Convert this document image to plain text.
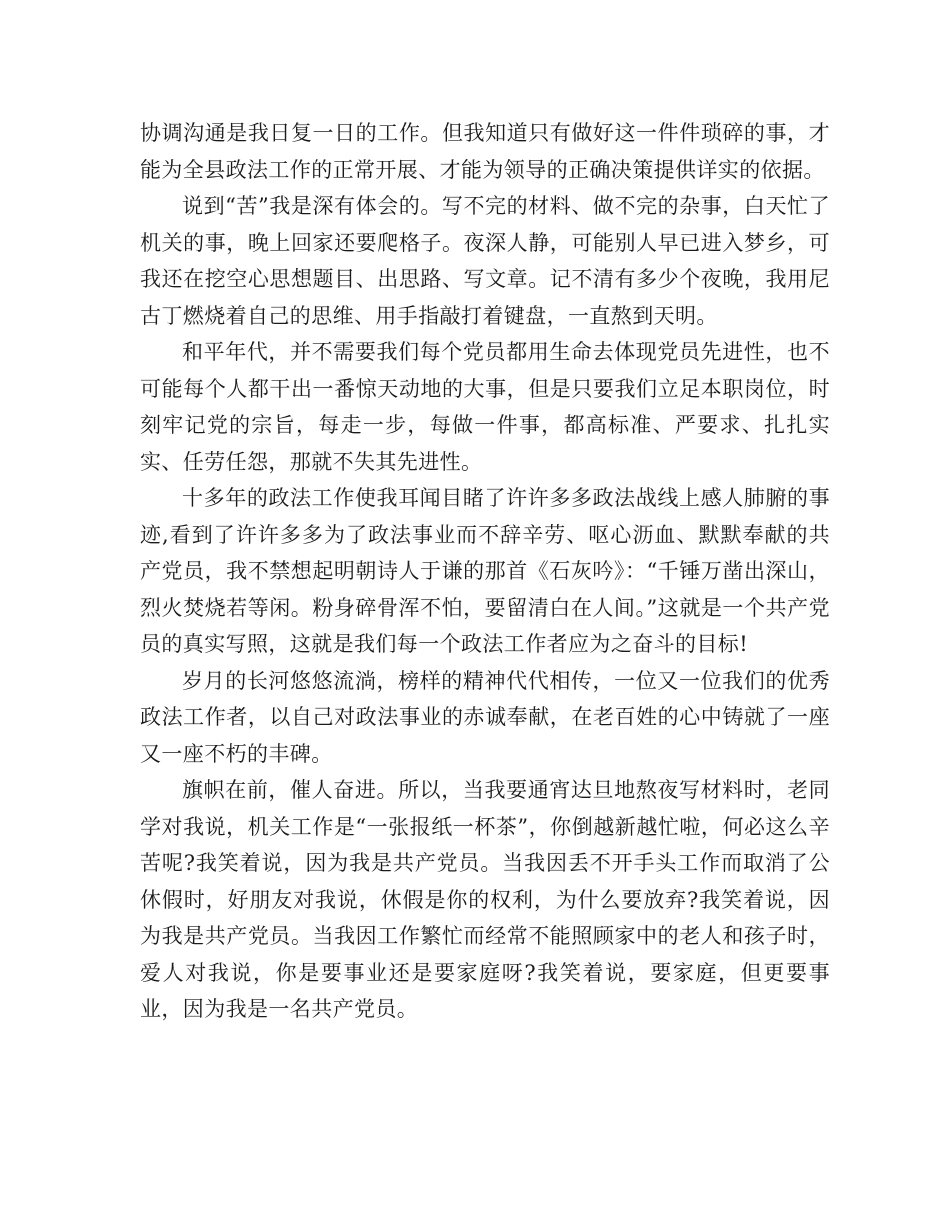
协调沟通是我日复一日的工作。但我知道只有做好这一件件琐碎的事，才能为全县政法工作的正常开展、才能为领导的正确决策提供详实的依据。

说到“苦”我是深有体会的。写不完的材料、做不完的杂事，白天忙了机关的事，晚上回家还要爬格子。夜深人静，可能别人早已进入梦乡，可我还在挖空心思想题目、出思路、写文章。记不清有多少个夜晚，我用尼古丁燃烧着自己的思维、用手指敲打着键盘，一直熬到天明。

和平年代，并不需要我们每个党员都用生命去体现党员先进性，也不可能每个人都干出一番惊天动地的大事，但是只要我们立足本职岗位，时刻牢记党的宗旨，每走一步，每做一件事，都高标准、严要求、扎扎实实、任劳任怨，那就不失其先进性。

十多年的政法工作使我耳闻目睹了许许多多政法战线上感人肺腑的事迹,看到了许许多多为了政法事业而不辞辛劳、呕心沥血、默默奉献的共产党员，我不禁想起明朝诗人于谦的那首《石灰吟》：“千锤万凿出深山，烈火焚烧若等闲。粉身碎骨浑不怕，要留清白在人间。”这就是一个共产党员的真实写照，这就是我们每一个政法工作者应为之奋斗的目标!

岁月的长河悠悠流淌，榜样的精神代代相传，一位又一位我们的优秀政法工作者，以自己对政法事业的赤诚奉献，在老百姓的心中铸就了一座又一座不朽的丰碑。

旗帜在前，催人奋进。所以，当我要通宵达旦地熬夜写材料时，老同学对我说，机关工作是“一张报纸一杯茶”，你倒越新越忙啦，何必这么辛苦呢?我笑着说，因为我是共产党员。当我因丢不开手头工作而取消了公休假时，好朋友对我说，休假是你的权利，为什么要放弃?我笑着说，因为我是共产党员。当我因工作繁忙而经常不能照顾家中的老人和孩子时，爱人对我说，你是要事业还是要家庭呀?我笑着说，要家庭，但更要事业，因为我是一名共产党员。
